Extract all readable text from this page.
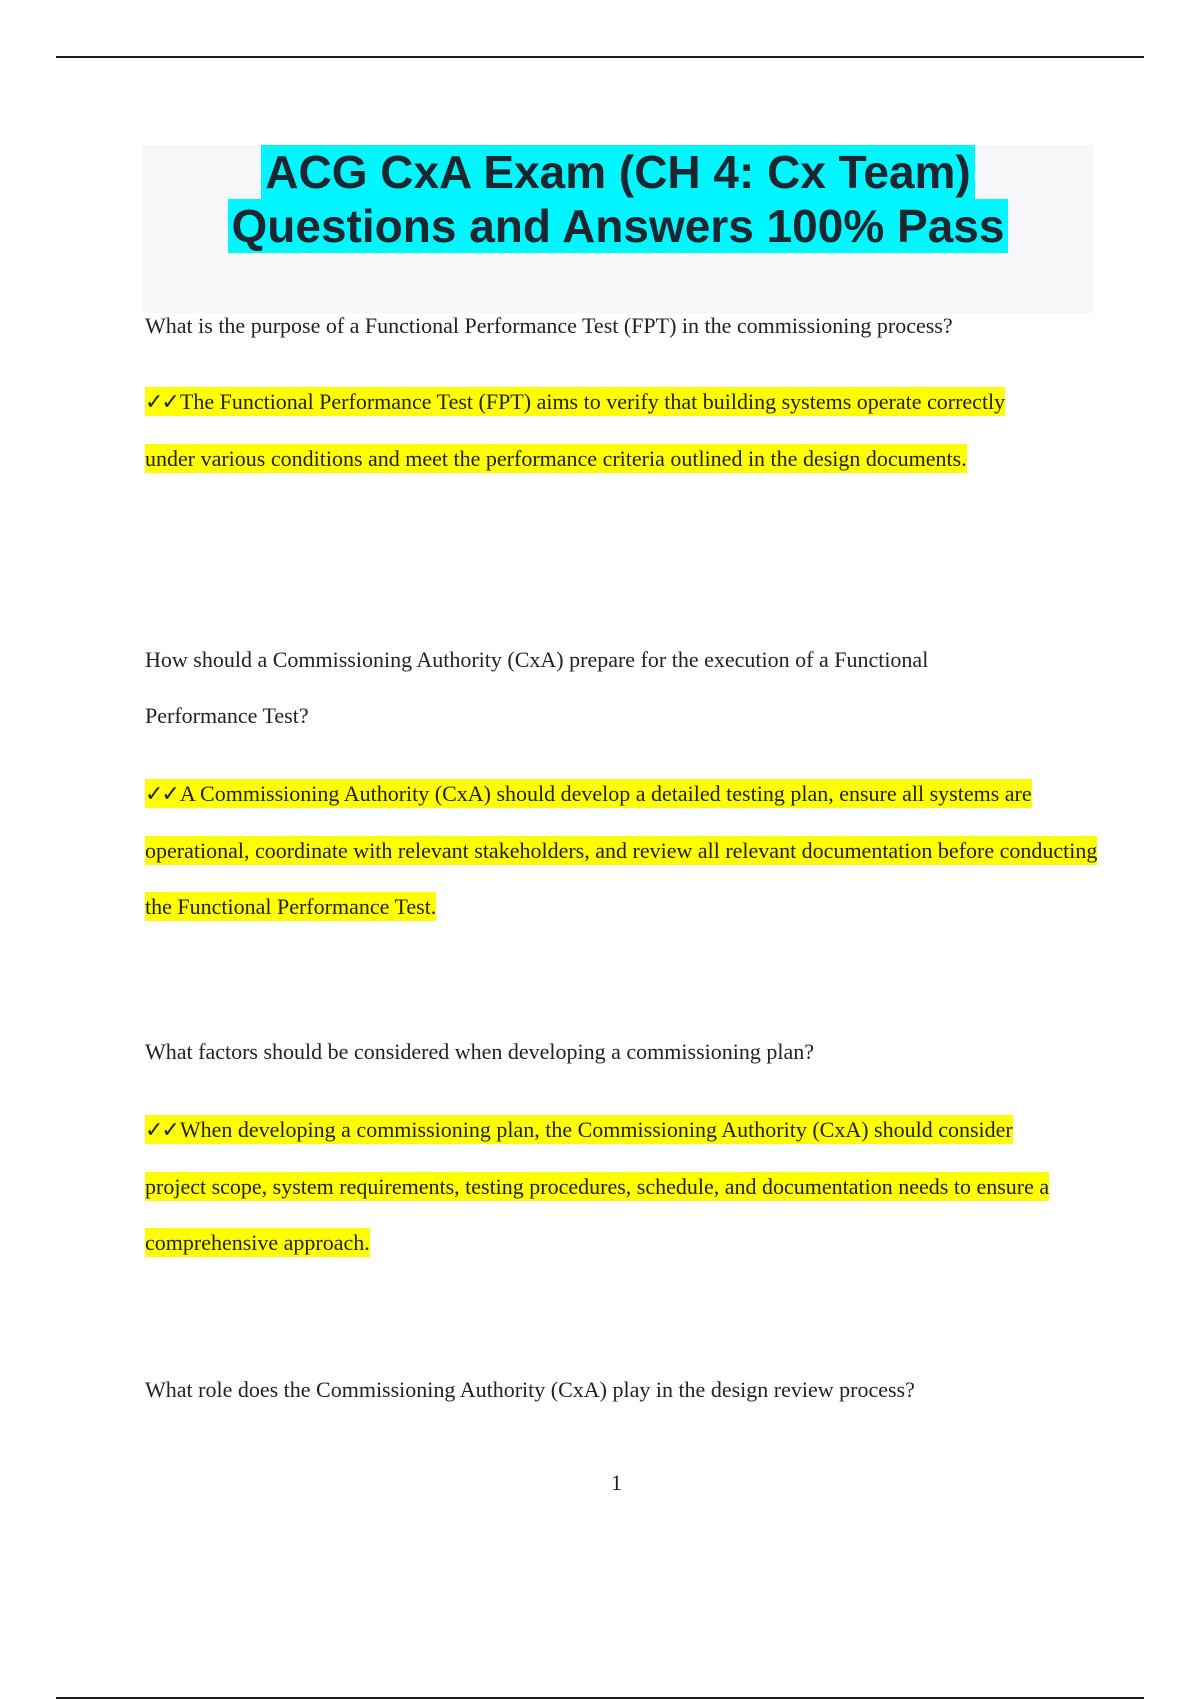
ACG CxA Exam (CH 4: Cx Team)
Questions and Answers 100% Pass
What is the purpose of a Functional Performance Test (FPT) in the commissioning process?
✓✓The Functional Performance Test (FPT) aims to verify that building systems operate correctly under various conditions and meet the performance criteria outlined in the design documents.
How should a Commissioning Authority (CxA) prepare for the execution of a Functional Performance Test?
✓✓A Commissioning Authority (CxA) should develop a detailed testing plan, ensure all systems are operational, coordinate with relevant stakeholders, and review all relevant documentation before conducting the Functional Performance Test.
What factors should be considered when developing a commissioning plan?
✓✓When developing a commissioning plan, the Commissioning Authority (CxA) should consider project scope, system requirements, testing procedures, schedule, and documentation needs to ensure a comprehensive approach.
What role does the Commissioning Authority (CxA) play in the design review process?
1
